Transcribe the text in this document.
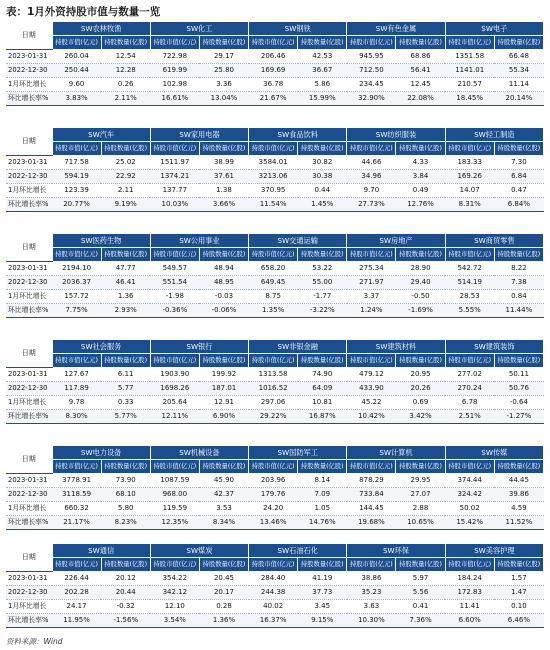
表：1月外资持股市值与数量一览
日期	SW农林牧渔		SW化工		SW钢铁		SW有色金属		SW电子	
	持股市值(亿元)	持股数量(亿股)	持股市值(亿元)	持股数量(亿股)	持股市值(亿元)	持股数量(亿股)	持股市值(亿元)	持股数量(亿股)	持股市值(亿元)	持股数量(亿股)
2023-01-31	260.04	12.54	722.98	29.17	206.46	42.53	945.95	68.86	1351.58	66.48
2022-12-30	250.44	12.28	619.99	25.80	169.69	36.67	712.50	56.41	1141.01	55.34
1月环比增长	9.60	0.26	102.98	3.36	36.78	5.86	234.45	12.45	210.57	11.14
环比增长率%	3.83%	2.11%	16.61%	13.04%	21.67%	15.99%	32.90%	22.08%	18.45%	20.14%
日期	SW汽车		SW家用电器		SW食品饮料		SW纺织服装		SW轻工制造	
	持股市值(亿元)	持股数量(亿股)	持股市值(亿元)	持股数量(亿股)	持股市值(亿元)	持股数量(亿股)	持股市值(亿元)	持股数量(亿股)	持股市值(亿元)	持股数量(亿股)
2023-01-31	717.58	25.02	1511.97	38.99	3584.01	30.82	44.66	4.33	183.33	7.30
2022-12-30	594.19	22.92	1374.21	37.61	3213.06	30.38	34.96	3.84	169.26	6.84
1月环比增长	123.39	2.11	137.77	1.38	370.95	0.44	9.70	0.49	14.07	0.47
环比增长率%	20.77%	9.19%	10.03%	3.66%	11.54%	1.45%	27.73%	12.76%	8.31%	6.84%
日期	SW医药生物		SW公用事业		SW交通运输		SW房地产		SW商贸零售	
	持股市值(亿元)	持股数量(亿股)	持股市值(亿元)	持股数量(亿股)	持股市值(亿元)	持股数量(亿股)	持股市值(亿元)	持股数量(亿股)	持股市值(亿元)	持股数量(亿股)
2023-01-31	2194.10	47.77	549.57	48.94	658.20	53.22	275.34	28.90	542.72	8.22
2022-12-30	2036.37	46.41	551.54	48.95	649.45	55.00	271.97	29.40	514.19	7.38
1月环比增长	157.72	1.36	-1.98	-0.03	8.75	-1.77	3.37	-0.50	28.53	0.84
环比增长率%	7.75%	2.93%	-0.36%	-0.06%	1.35%	-3.22%	1.24%	-1.69%	5.55%	11.44%
日期	SW社会服务		SW银行		SW非银金融		SW建筑材料		SW建筑装饰	
	持股市值(亿元)	持股数量(亿股)	持股市值(亿元)	持股数量(亿股)	持股市值(亿元)	持股数量(亿股)	持股市值(亿元)	持股数量(亿股)	持股市值(亿元)	持股数量(亿股)
2023-01-31	127.67	6.11	1903.90	199.92	1313.58	74.90	479.12	20.95	277.02	50.11
2022-12-30	117.89	5.77	1698.26	187.01	1016.52	64.09	433.90	20.26	270.24	50.76
1月环比增长	9.78	0.33	205.64	12.91	297.06	10.81	45.22	0.69	6.78	-0.64
环比增长率%	8.30%	5.77%	12.11%	6.90%	29.22%	16.87%	10.42%	3.42%	2.51%	-1.27%
日期	SW电力设备		SW机械设备		SW国防军工		SW计算机		SW传媒	
	持股市值(亿元)	持股数量(亿股)	持股市值(亿元)	持股数量(亿股)	持股市值(亿元)	持股数量(亿股)	持股市值(亿元)	持股数量(亿股)	持股市值(亿元)	持股数量(亿股)
2023-01-31	3778.91	73.90	1087.59	45.90	203.96	8.14	878.29	29.95	374.44	44.45
2022-12-30	3118.59	68.10	968.00	42.37	179.76	7.09	733.84	27.07	324.42	39.86
1月环比增长	660.32	5.80	119.59	3.53	24.20	1.05	144.45	2.88	50.02	4.59
环比增长率%	21.17%	8.23%	12.35%	8.34%	13.46%	14.76%	19.68%	10.65%	15.42%	11.52%
日期	SW通信		SW煤炭		SW石油石化		SW环保		SW美容护理	
	持股市值(亿元)	持股数量(亿股)	持股市值(亿元)	持股数量(亿股)	持股市值(亿元)	持股数量(亿股)	持股市值(亿元)	持股数量(亿股)	持股市值(亿元)	持股数量(亿股)
2023-01-31	226.44	20.12	354.22	20.45	284.40	41.19	38.86	5.97	184.24	1.57
2022-12-30	202.28	20.44	342.12	20.17	244.38	37.73	35.23	5.56	172.83	1.47
1月环比增长	24.17	-0.32	12.10	0.28	40.02	3.45	3.63	0.41	11.41	0.10
环比增长率%	11.95%	-1.56%	3.54%	1.36%	16.37%	9.15%	10.30%	7.36%	6.60%	6.46%
资料来源：Wind
